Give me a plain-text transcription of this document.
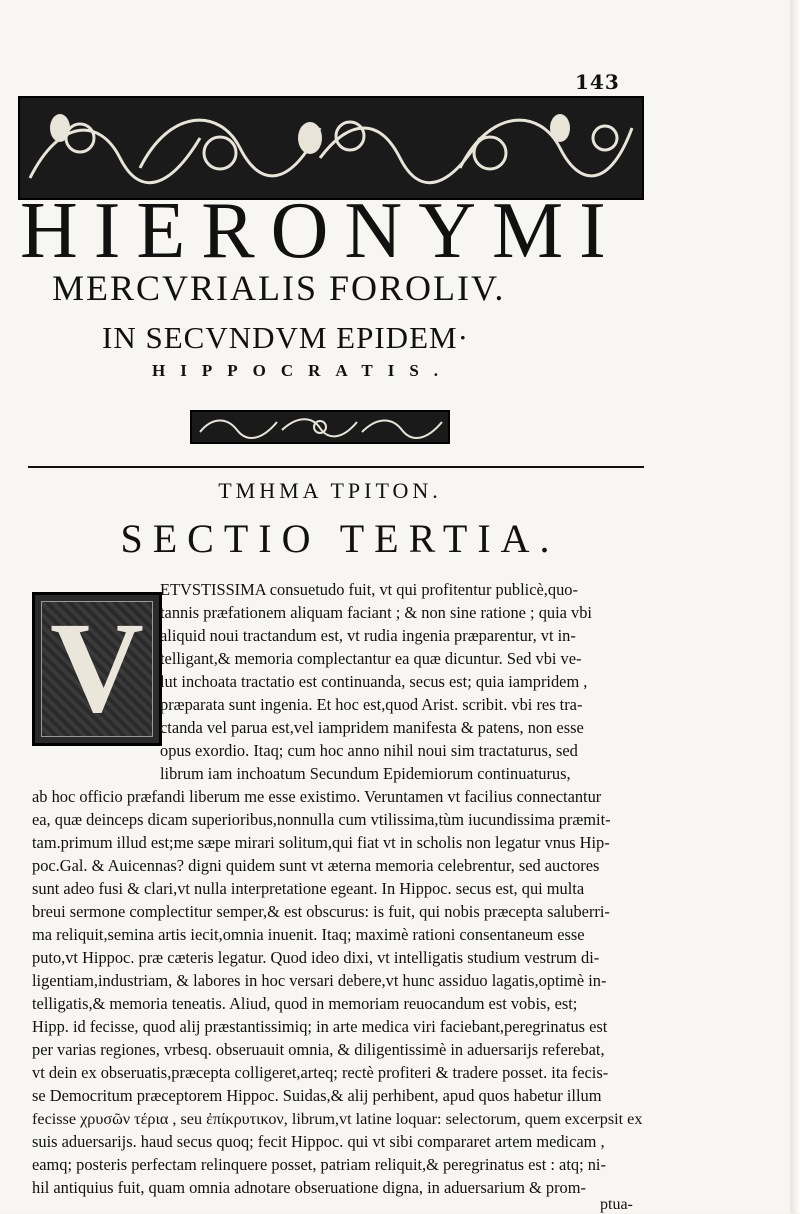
143
HIERONYMI
MERCVRIALIS FOROLIV.
IN SECVNDVM EPIDEM·
HIPPOCRATIS.
ΤΜΗΜΑ ΤΡΙΤΟΝ.
SECTIO TERTIA.
V
ETVSTISSIMA consuetudo fuit, vt qui profitentur publicè,quo-
tannis præfationem aliquam faciant ; & non sine ratione ; quia vbi
aliquid noui tractandum est, vt rudia ingenia præparentur, vt in-
telligant,& memoria complectantur ea quæ dicuntur. Sed vbi ve-
lut inchoata tractatio est continuanda, secus est; quia iampridem ,
præparata sunt ingenia. Et hoc est,quod Arist. scribit. vbi res tra-
ctanda vel parua est,vel iampridem manifesta & patens, non esse
opus exordio. Itaq; cum hoc anno nihil noui sim tractaturus, sed
librum iam inchoatum Secundum Epidemiorum continuaturus,
ab hoc officio præfandi liberum me esse existimo. Veruntamen vt facilius connectantur
ea, quæ deinceps dicam superioribus,nonnulla cum vtilissima,tùm iucundissima præmit-
tam.primum illud est;me sæpe mirari solitum,qui fiat vt in scholis non legatur vnus Hip-
poc.Gal. & Auicennas? digni quidem sunt vt æterna memoria celebrentur, sed auctores
sunt adeo fusi & clari,vt nulla interpretatione egeant. In Hippoc. secus est, qui multa
breui sermone complectitur semper,& est obscurus: is fuit, qui nobis præcepta saluberri-
ma reliquit,semina artis iecit,omnia inuenit. Itaq; maximè rationi consentaneum esse
puto,vt Hippoc. præ cæteris legatur. Quod ideo dixi, vt intelligatis studium vestrum di-
ligentiam,industriam, & labores in hoc versari debere,vt hunc assiduo lagatis,optimè in-
telligatis,& memoria teneatis. Aliud, quod in memoriam reuocandum est vobis, est;
Hipp. id fecisse, quod alij præstantissimiq; in arte medica viri faciebant,peregrinatus est
per varias regiones, vrbesq. obseruauit omnia, & diligentissimè in aduersarijs referebat,
vt dein ex obseruatis,præcepta colligeret,arteq; rectè profiteri & tradere posset. ita fecis-
se Democritum præceptorem Hippoc. Suidas,& alij perhibent, apud quos habetur illum
fecisse χρυσῶν τέρια , seu ἐπίκρυτικον, librum,vt latine loquar: selectorum, quem excerpsit ex
suis aduersarijs. haud secus quoq; fecit Hippoc. qui vt sibi compararet artem medicam ,
eamq; posteris perfectam relinquere posset, patriam reliquit,& peregrinatus est : atq; ni-
hil antiquius fuit, quam omnia adnotare obseruatione digna, in aduersarium & prom-
ptua-
